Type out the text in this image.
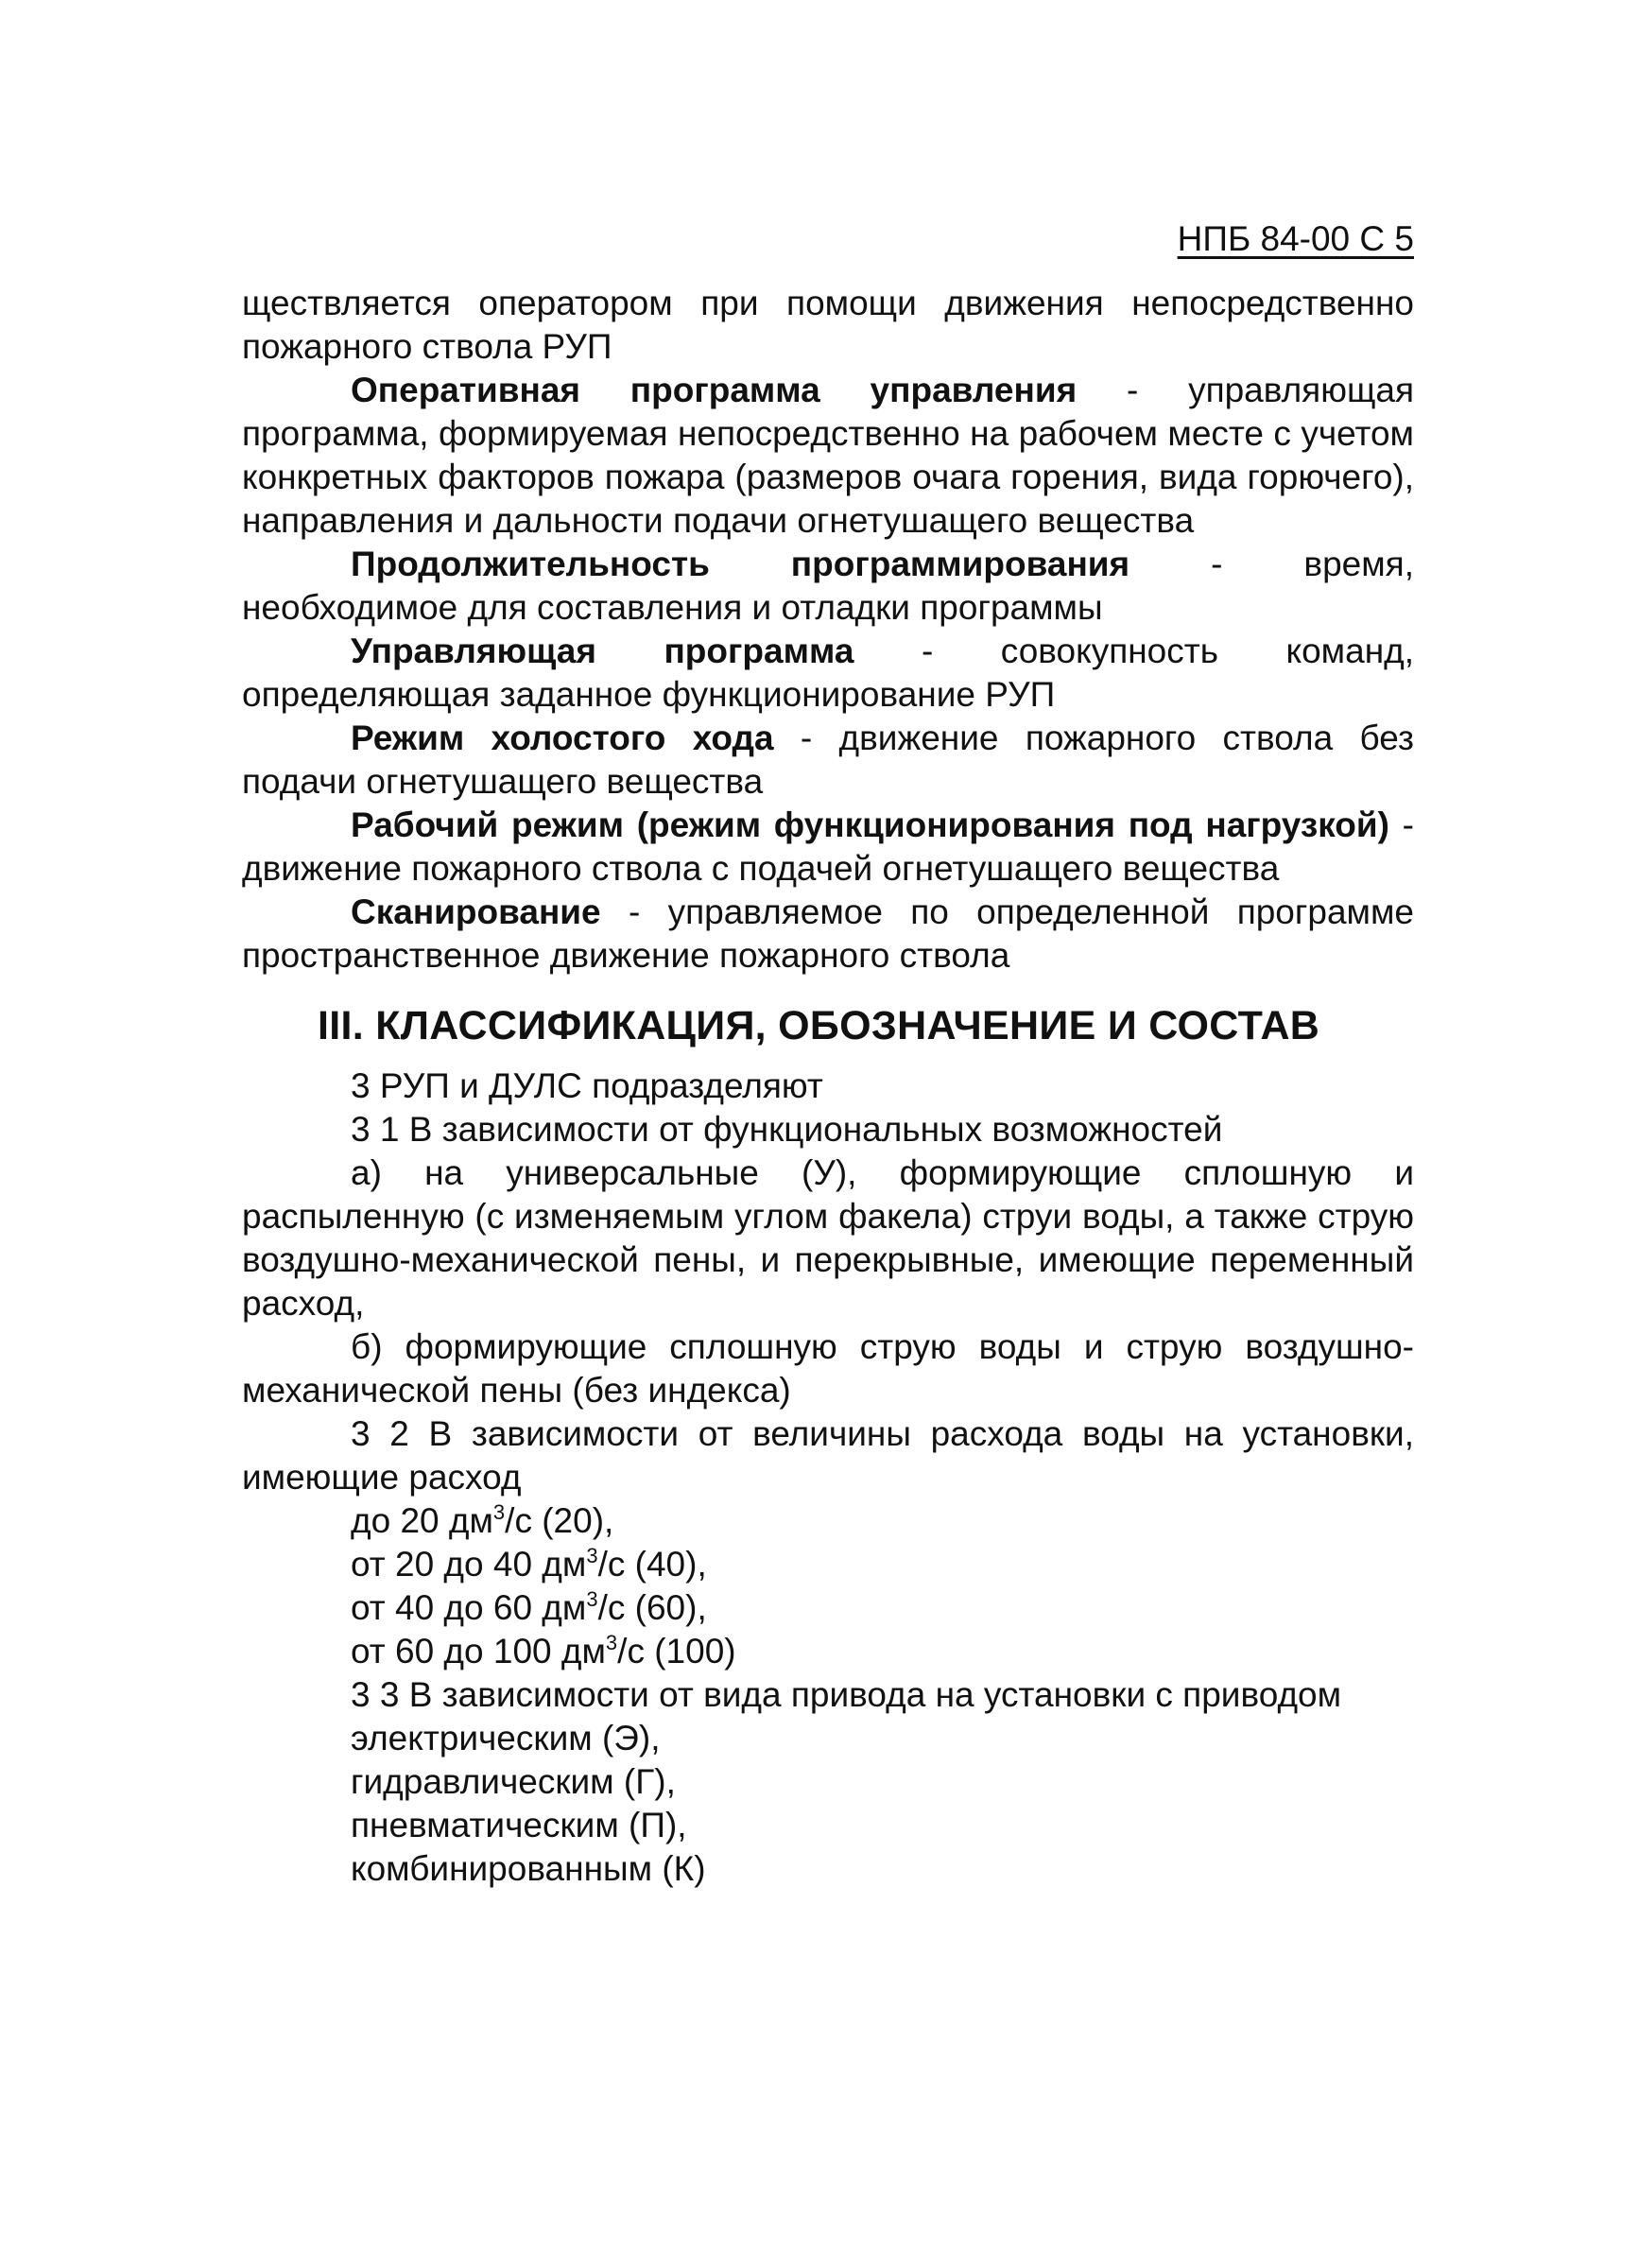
НПБ 84-00 С 5

ществляется оператором при помощи движения непосредственно пожарного ствола РУП

Оперативная программа управления - управляющая программа, формируемая непосредственно на рабочем месте с учетом конкретных факторов пожара (размеров очага горения, вида горючего), направления и дальности подачи огнетушащего вещества

Продолжительность программирования - время, необходимое для составления и отладки программы

Управляющая программа - совокупность команд, определяющая заданное функционирование РУП

Режим холостого хода - движение пожарного ствола без подачи огнетушащего вещества

Рабочий режим (режим функционирования под нагрузкой) - движение пожарного ствола с подачей огнетушащего вещества

Сканирование - управляемое по определенной программе пространственное движение пожарного ствола

III. КЛАССИФИКАЦИЯ, ОБОЗНАЧЕНИЕ И СОСТАВ

3 РУП и ДУЛС подразделяют

3 1 В зависимости от функциональных возможностей

а) на универсальные (У), формирующие сплошную и распыленную (с изменяемым углом факела) струи воды, а также струю воздушно-механической пены, и перекрывные, имеющие переменный расход,

б) формирующие сплошную струю воды и струю воздушно-механической пены (без индекса)

3 2 В зависимости от величины расхода воды на установки, имеющие расход

до 20 $дм^3/с$ (20),

от 20 до 40 $дм^3/с$ (40),

от 40 до 60 $дм^3/с$ (60),

от 60 до 100 $дм^3/с$ (100)

3 3 В зависимости от вида привода на установки с приводом

электрическим (Э),

гидравлическим (Г),

пневматическим (П),

комбинированным (К)
